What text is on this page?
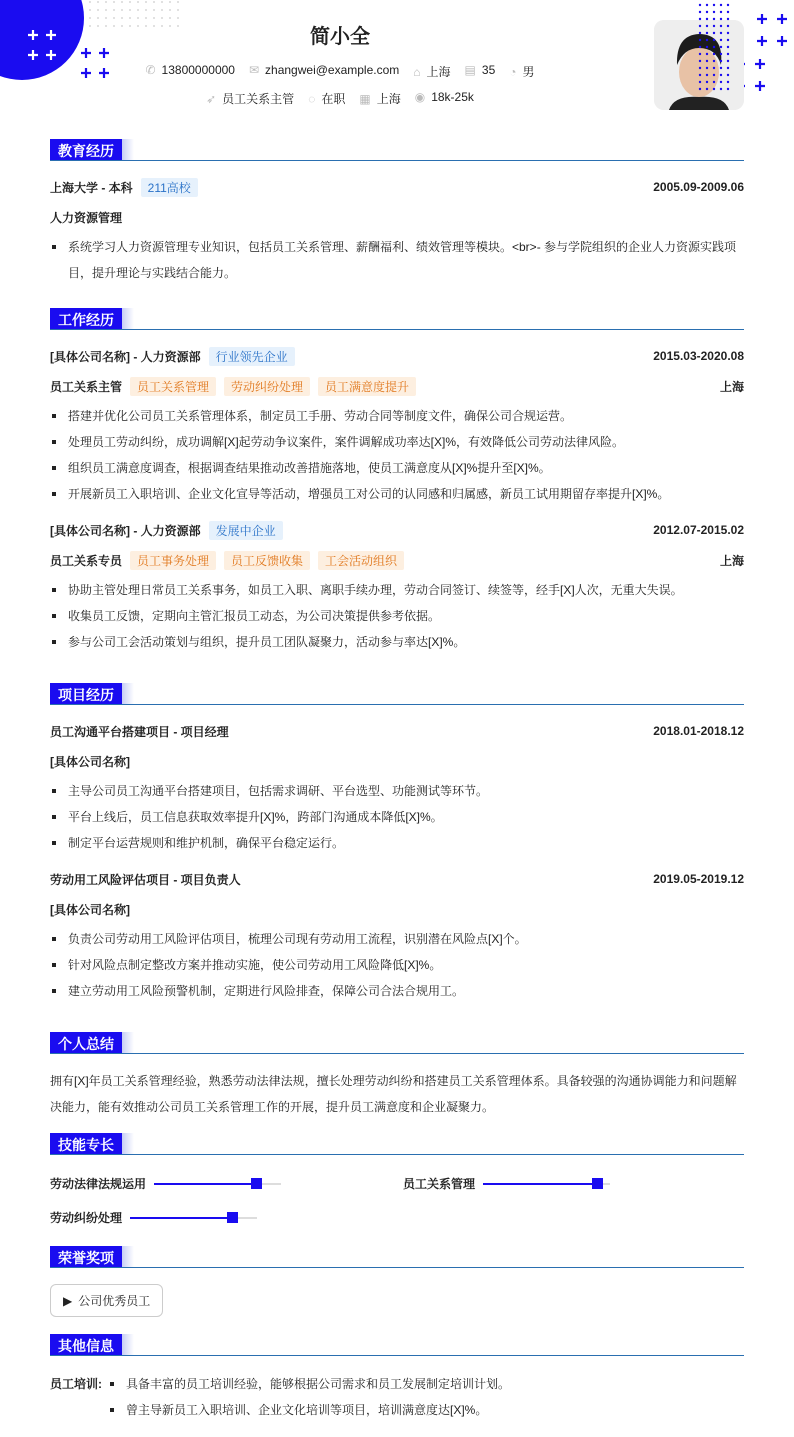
简小全
✆ 13800000000 ✉ zhangwei@example.com ⌂ 上海 ▤ 35 ◔ 男
➶ 员工关系主管 ◌ 在职 ▦ 上海 ◉ 18k-25k
教育经历
上海大学 - 本科 211高校	2005.09-2009.06
人力资源管理
系统学习人力资源管理专业知识，包括员工关系管理、薪酬福利、绩效管理等模块。<br>- 参与学院组织的企业人力资源实践项目，提升理论与实践结合能力。
工作经历
[具体公司名称] - 人力资源部 行业领先企业	2015.03-2020.08
员工关系主管 员工关系管理 劳动纠纷处理 员工满意度提升	上海
搭建并优化公司员工关系管理体系，制定员工手册、劳动合同等制度文件，确保公司合规运营。
处理员工劳动纠纷，成功调解[X]起劳动争议案件，案件调解成功率达[X]%，有效降低公司劳动法律风险。
组织员工满意度调查，根据调查结果推动改善措施落地，使员工满意度从[X]%提升至[X]%。
开展新员工入职培训、企业文化宣导等活动，增强员工对公司的认同感和归属感，新员工试用期留存率提升[X]%。
[具体公司名称] - 人力资源部 发展中企业	2012.07-2015.02
员工关系专员 员工事务处理 员工反馈收集 工会活动组织	上海
协助主管处理日常员工关系事务，如员工入职、离职手续办理，劳动合同签订、续签等，经手[X]人次，无重大失误。
收集员工反馈，定期向主管汇报员工动态，为公司决策提供参考依据。
参与公司工会活动策划与组织，提升员工团队凝聚力，活动参与率达[X]%。
项目经历
员工沟通平台搭建项目 - 项目经理	2018.01-2018.12
[具体公司名称]
主导公司员工沟通平台搭建项目，包括需求调研、平台选型、功能测试等环节。
平台上线后，员工信息获取效率提升[X]%，跨部门沟通成本降低[X]%。
制定平台运营规则和维护机制，确保平台稳定运行。
劳动用工风险评估项目 - 项目负责人	2019.05-2019.12
[具体公司名称]
负责公司劳动用工风险评估项目，梳理公司现有劳动用工流程，识别潜在风险点[X]个。
针对风险点制定整改方案并推动实施，使公司劳动用工风险降低[X]%。
建立劳动用工风险预警机制，定期进行风险排查，保障公司合法合规用工。
个人总结

拥有[X]年员工关系管理经验，熟悉劳动法律法规，擅长处理劳动纠纷和搭建员工关系管理体系。具备较强的沟通协调能力和问题解决能力，能有效推动公司员工关系管理工作的开展，提升员工满意度和企业凝聚力。

技能专长
劳动法律法规运用	员工关系管理
劳动纠纷处理
荣誉奖项
▶ 公司优秀员工
其他信息
员工培训:	具备丰富的员工培训经验，能够根据公司需求和员工发展制定培训计划。
曾主导新员工入职培训、企业文化培训等项目，培训满意度达[X]%。
